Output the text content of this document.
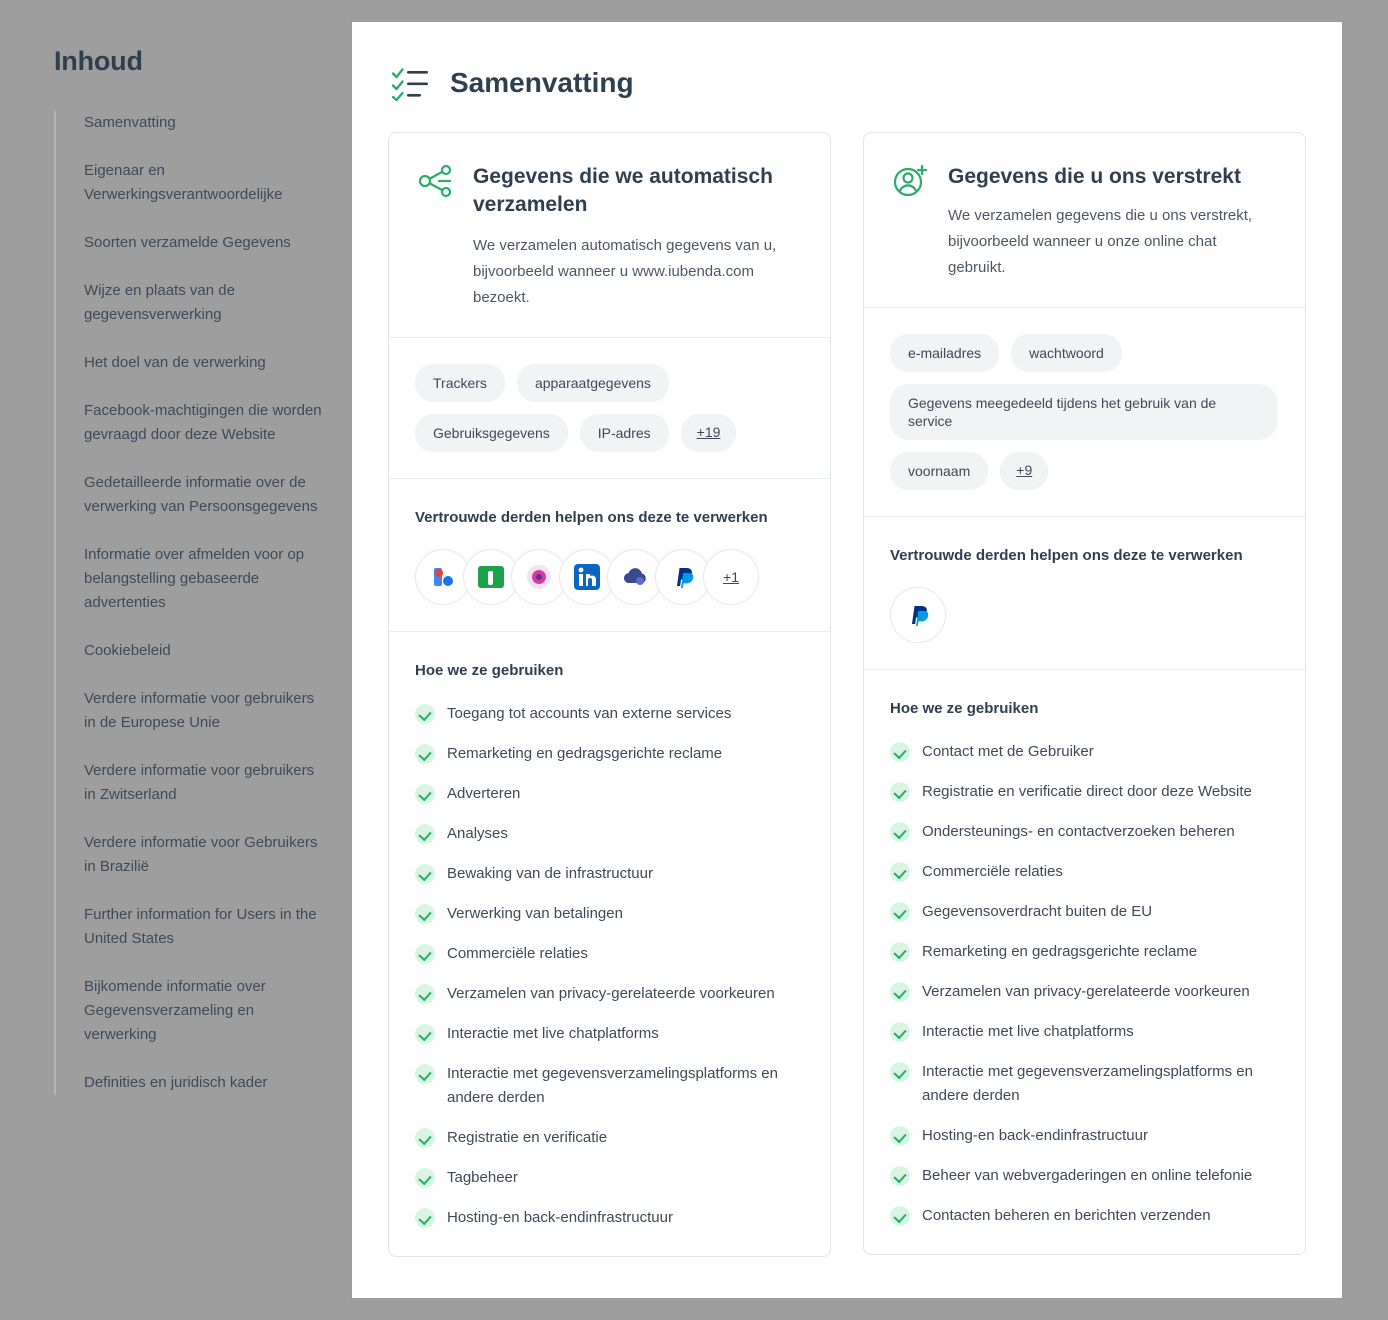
Inhoud
Samenvatting
Eigenaar en Verwerkingsverantwoordelijke
Soorten verzamelde Gegevens
Wijze en plaats van de gegevensverwerking
Het doel van de verwerking
Facebook-machtigingen die worden gevraagd door deze Website
Gedetailleerde informatie over de verwerking van Persoonsgegevens
Informatie over afmelden voor op belangstelling gebaseerde advertenties
Cookiebeleid
Verdere informatie voor gebruikers in de Europese Unie
Verdere informatie voor gebruikers in Zwitserland
Verdere informatie voor Gebruikers in Brazilië
Further information for Users in the United States
Bijkomende informatie over Gegevensverzameling en verwerking
Definities en juridisch kader
Samenvatting
Gegevens die we automatisch verzamelen

We verzamelen automatisch gegevens van u, bijvoorbeeld wanneer u www.iubenda.com bezoekt.

Trackers	apparaatgegevens
Gebruiksgegevens	IP-adres	+19
Vertrouwde derden helpen ons deze te verwerken
+1
Hoe we ze gebruiken
Toegang tot accounts van externe services
Remarketing en gedragsgerichte reclame
Adverteren
Analyses
Bewaking van de infrastructuur
Verwerking van betalingen
Commerciële relaties
Verzamelen van privacy-gerelateerde voorkeuren
Interactie met live chatplatforms
Interactie met gegevensverzamelingsplatforms en andere derden
Registratie en verificatie
Tagbeheer
Hosting-en back-endinfrastructuur
Gegevens die u ons verstrekt

We verzamelen gegevens die u ons verstrekt, bijvoorbeeld wanneer u onze online chat gebruikt.

e-mailadres	wachtwoord
Gegevens meegedeeld tijdens het gebruik van de service
voornaam	+9
Vertrouwde derden helpen ons deze te verwerken
Hoe we ze gebruiken
Contact met de Gebruiker
Registratie en verificatie direct door deze Website
Ondersteunings- en contactverzoeken beheren
Commerciële relaties
Gegevensoverdracht buiten de EU
Remarketing en gedragsgerichte reclame
Verzamelen van privacy-gerelateerde voorkeuren
Interactie met live chatplatforms
Interactie met gegevensverzamelingsplatforms en andere derden
Hosting-en back-endinfrastructuur
Beheer van webvergaderingen en online telefonie
Contacten beheren en berichten verzenden
